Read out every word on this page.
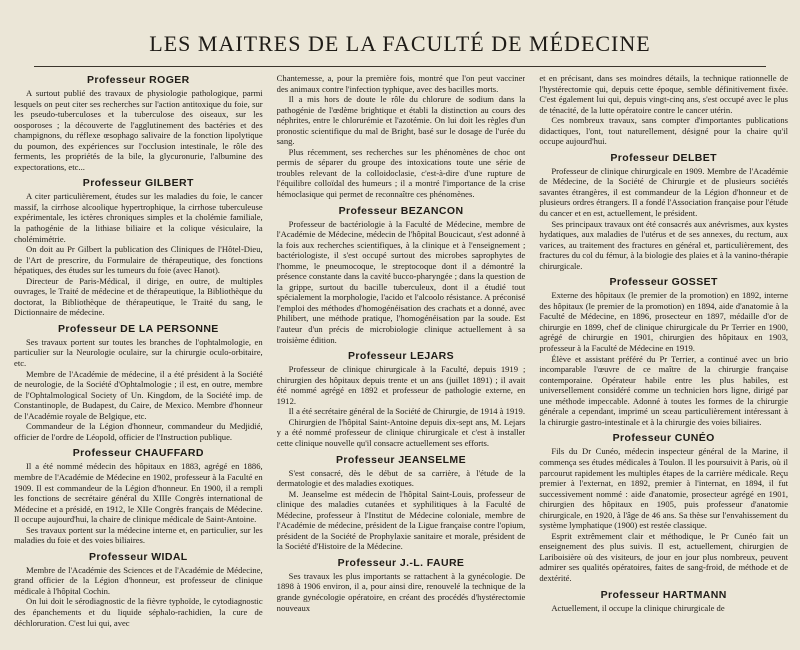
LES MAITRES DE LA FACULTÉ DE MÉDECINE
Professeur ROGER

A surtout publié des travaux de physiologie pathologique, parmi lesquels on peut citer ses recherches sur l'action antitoxique du foie, sur les pseudo-tuberculoses et la tuberculose des oiseaux, sur les oosporoses ; la découverte de l'agglutinement des bactéries et des champignons, du réflexe œsophago salivaire de la fonction lipolytique du poumon, des expériences sur l'occlusion intestinale, le rôle des ferments, les propriétés de la bile, la glycuronurie, l'albumine des expectorations, etc...

Professeur GILBERT

A citer particulièrement, études sur les maladies du foie, le cancer massif, la cirrhose alcoolique hypertrophique, la cirrhose tuberculeuse expérimentale, les ictères chroniques simples et la cholémie familiale, la pathogénie de la lithiase biliaire et la colique vésiculaire, la cholémimétrie.

On doit au Pr Gilbert la publication des Cliniques de l'Hôtel-Dieu, de l'Art de prescrire, du Formulaire de thérapeutique, des fonctions hépatiques, des études sur les tumeurs du foie (avec Hanot).

Directeur de Paris-Médical, il dirige, en outre, de multiples ouvrages, le Traité de médecine et de thérapeutique, la Bibliothèque du doctorat, la Bibliothèque de thérapeutique, le Traité du sang, le Dictionnaire de médecine.

Professeur DE LA PERSONNE

Ses travaux portent sur toutes les branches de l'ophtalmologie, en particulier sur la Neurologie oculaire, sur la chirurgie oculo-orbitaire, etc.

Membre de l'Académie de médecine, il a été président à la Société de neurologie, de la Société d'Ophtalmologie ; il est, en outre, membre de l'Ophtalmological Society of Un. Kingdom, de la Société imp. de Constantinople, de Budapest, du Caire, de Mexico. Membre d'honneur de l'Académie royale de Belgique, etc.

Commandeur de la Légion d'honneur, commandeur du Medjidié, officier de l'ordre de Léopold, officier de l'Instruction publique.

Professeur CHAUFFARD

Il a été nommé médecin des hôpitaux en 1883, agrégé en 1886, membre de l'Académie de Médecine en 1902, professeur à la Faculté en 1909. Il est commandeur de la Légion d'honneur. En 1900, il a rempli les fonctions de secrétaire général du XIIIe Congrès international de Médecine et a présidé, en 1912, le XIIe Congrès français de Médecine. Il occupe aujourd'hui, la chaire de clinique médicale de Saint-Antoine.

Ses travaux portent sur la médecine interne et, en particulier, sur les maladies du foie et des voies biliaires.

Professeur WIDAL

Membre de l'Académie des Sciences et de l'Académie de Médecine, grand officier de la Légion d'honneur, est professeur de clinique médicale à l'hôpital Cochin.

On lui doit le sérodiagnostic de la fièvre typhoïde, le cytodiagnostic des épanchements et du liquide séphalo-rachidien, la cure de déchloruration. C'est lui qui, avec

Chantemesse, a, pour la première fois, montré que l'on peut vacciner des animaux contre l'infection typhique, avec des bacilles morts.

Il a mis hors de doute le rôle du chlorure de sodium dans la pathogénie de l'œdème brightique et établi la distinction au cours des néphrites, entre le chlorurémie et l'azotémie. On lui doit les règles d'un pronostic scientifique du mal de Bright, basé sur le dosage de l'urée du sang.

Plus récemment, ses recherches sur les phénomènes de choc ont permis de séparer du groupe des intoxications toute une série de troubles relevant de la colloidoclasie, c'est-à-dire d'une rupture de l'équilibre colloïdal des humeurs ; il a montré l'importance de la crise hémoclasique qui permet de reconnaître ces phénomènes.

Professeur BEZANCON

Professeur de bactériologie à la Faculté de Médecine, membre de l'Académie de Médecine, médecin de l'hôpital Boucicaut, s'est adonné à la fois aux recherches scientifiques, à la clinique et à l'enseignement ; bactériologiste, il s'est occupé surtout des microbes saprophytes de l'homme, le pneumocoque, le streptocoque dont il a démontré la présence constante dans la cavité bucco-pharyngée ; dans la question de la grippe, surtout du bacille tuberculeux, dont il a étudié tout spécialement la morphologie, l'acido et l'alcoolo résistance. A préconisé l'emploi des méthodes d'homogénéisation des crachats et a donné, avec Philibert, une méthode pratique, l'homogénéisation par la soude. Est l'auteur d'un précis de microbiologie clinique actuellement à sa troisième édition.

Professeur LEJARS

Professeur de clinique chirurgicale à la Faculté, depuis 1919 ; chirurgien des hôpitaux depuis trente et un ans (juillet 1891) ; il avait été nommé agrégé en 1892 et professeur de pathologie externe, en 1912.

Il a été secrétaire général de la Société de Chirurgie, de 1914 à 1919.

Chirurgien de l'hôpital Saint-Antoine depuis dix-sept ans, M. Lejars y a été nommé professeur de clinique chirurgicale et c'est à installer cette clinique nouvelle qu'il consacre actuellement ses efforts.

Professeur JEANSELME

S'est consacré, dès le début de sa carrière, à l'étude de la dermatologie et des maladies exotiques.

M. Jeanselme est médecin de l'hôpital Saint-Louis, professeur de clinique des maladies cutanées et syphilitiques à la Faculté de Médecine, professeur à l'Institut de Médecine coloniale, membre de l'Académie de médecine, président de la Ligue française contre l'opium, président de la Société de Prophylaxie sanitaire et morale, président de la Société d'Histoire de la Médecine.

Professeur J.-L. FAURE

Ses travaux les plus importants se rattachent à la gynécologie. De 1898 à 1906 environ, il a, pour ainsi dire, renouvelé la technique de la grande gynécologie opératoire, en créant des procédés d'hystérectomie nouveaux

et en précisant, dans ses moindres détails, la technique rationnelle de l'hystérectomie qui, depuis cette époque, semble définitivement fixée. C'est également lui qui, depuis vingt-cinq ans, s'est occupé avec le plus de ténacité, de la lutte opératoire contre le cancer utérin.

Ces nombreux travaux, sans compter d'importantes publications didactiques, l'ont, tout naturellement, désigné pour la chaire qu'il occupe aujourd'hui.

Professeur DELBET

Professeur de clinique chirurgicale en 1909. Membre de l'Académie de Médecine, de la Société de Chirurgie et de plusieurs sociétés savantes étrangères, il est commandeur de la Légion d'honneur et de plusieurs ordres étrangers. Il a fondé l'Association française pour l'étude du cancer et en est, actuellement, le président.

Ses principaux travaux ont été consacrés aux anévrismes, aux kystes hydatiques, aux maladies de l'utérus et de ses annexes, du rectum, aux varices, au traitement des fractures en général et, particulièrement, des fractures du col du fémur, à la biologie des plaies et à la vanino-thérapie chirurgicale.

Professeur GOSSET

Externe des hôpitaux (le premier de la promotion) en 1892, interne des hôpitaux (le premier de la promotion) en 1894, aide d'anatomie à la Faculté de Médecine, en 1896, prosecteur en 1897, médaille d'or de chirurgie en 1899, chef de clinique chirurgicale du Pr Terrier en 1900, agrégé de chirurgie en 1901, chirurgien des hôpitaux en 1903, professeur à la Faculté de Médecine en 1919.

Élève et assistant préféré du Pr Terrier, a continué avec un brio incomparable l'œuvre de ce maître de la chirurgie française contemporaine. Opérateur habile entre les plus habiles, est universellement considéré comme un technicien hors ligne, dirigé par une méthode impeccable. Adonné à toutes les formes de la chirurgie générale a cependant, imprimé un sceau particulièrement intéressant à la chirurgie gastro-intestinale et à la chirurgie des voies biliaires.

Professeur CUNÉO

Fils du Dr Cunéo, médecin inspecteur général de la Marine, il commença ses études médicales à Toulon. Il les poursuivit à Paris, où il parcourut rapidement les multiples étapes de la carrière médicale. Reçu premier à l'externat, en 1892, premier à l'internat, en 1894, il fut successivement nommé : aide d'anatomie, prosecteur agrégé en 1901, chirurgien des hôpitaux en 1905, puis professeur d'anatomie chirurgicale, en 1920, à l'âge de 46 ans. Sa thèse sur l'envahissement du système lymphatique (1900) est restée classique.

Esprit extrêmement clair et méthodique, le Pr Cunéo fait un enseignement des plus suivis. Il est, actuellement, chirurgien de Lariboisière où des visiteurs, de jour en jour plus nombreux, peuvent admirer ses qualités opératoires, faites de sang-froid, de méthode et de dextérité.

Professeur HARTMANN

Actuellement, il occupe la clinique chirurgicale de
